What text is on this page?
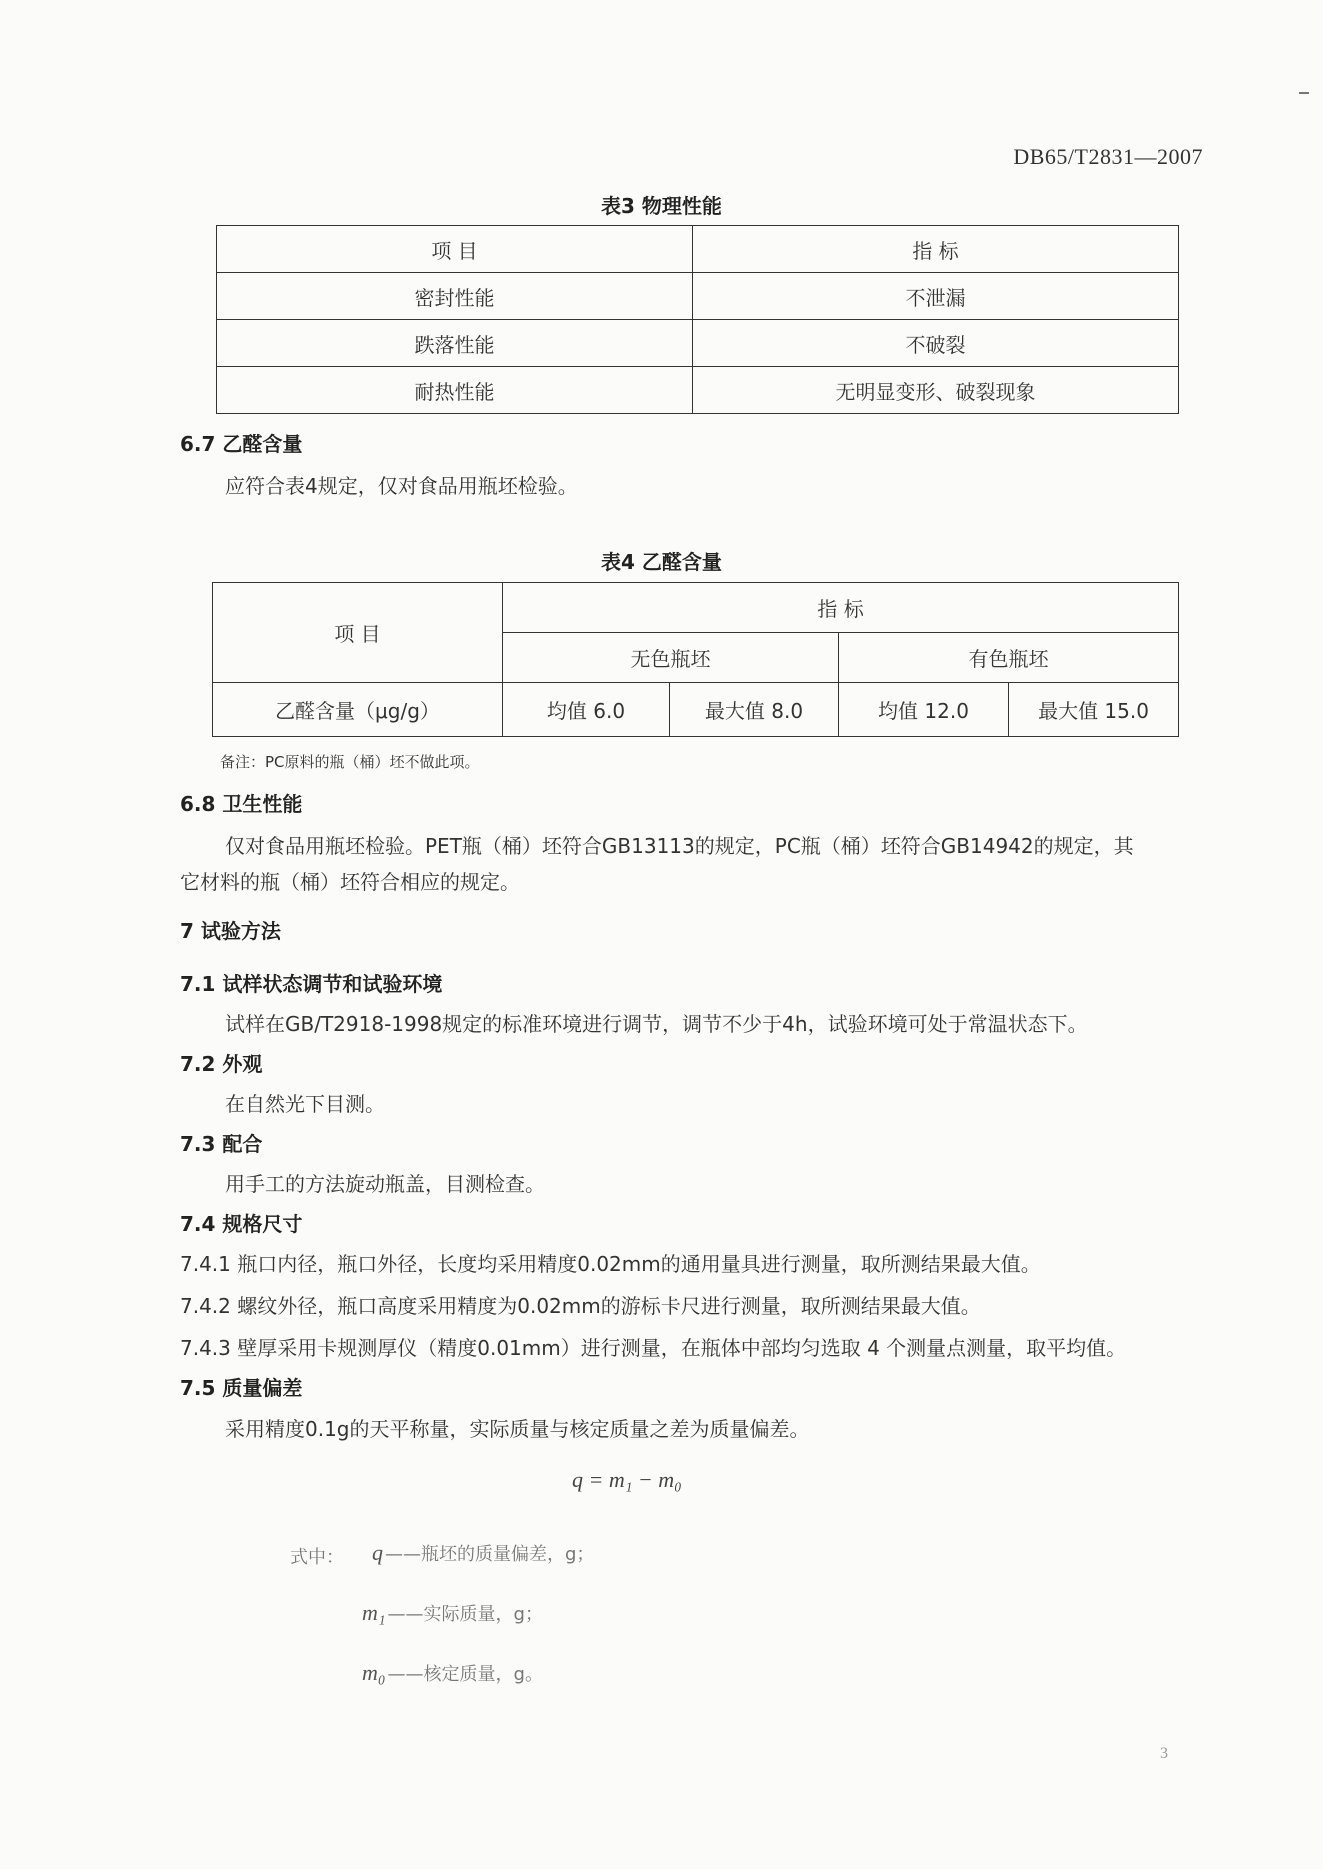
DB65/T2831—2007
表3 物理性能
项 目	指 标
密封性能	不泄漏
跌落性能	不破裂
耐热性能	无明显变形、破裂现象
6.7 乙醛含量
应符合表4规定，仅对食品用瓶坯检验。
表4 乙醛含量
项 目	指 标			
	无色瓶坯		有色瓶坯	
乙醛含量（μg/g）	均值 6.0	最大值 8.0	均值 12.0	最大值 15.0
备注：PC原料的瓶（桶）坯不做此项。
6.8 卫生性能
仅对食品用瓶坯检验。PET瓶（桶）坯符合GB13113的规定，PC瓶（桶）坯符合GB14942的规定，其
它材料的瓶（桶）坯符合相应的规定。
7 试验方法
7.1 试样状态调节和试验环境
试样在GB/T2918-1998规定的标准环境进行调节，调节不少于4h，试验环境可处于常温状态下。
7.2 外观
在自然光下目测。
7.3 配合
用手工的方法旋动瓶盖，目测检查。
7.4 规格尺寸
7.4.1 瓶口内径，瓶口外径，长度均采用精度0.02mm的通用量具进行测量，取所测结果最大值。
7.4.2 螺纹外径，瓶口高度采用精度为0.02mm的游标卡尺进行测量，取所测结果最大值。
7.4.3 壁厚采用卡规测厚仪（精度0.01mm）进行测量，在瓶体中部均匀选取 4 个测量点测量，取平均值。
7.5 质量偏差
采用精度0.1g的天平称量，实际质量与核定质量之差为质量偏差。
q = m₁ − m₀
式中： q ——瓶坯的质量偏差，g；
m₁ ——实际质量，g；
m₀ ——核定质量，g。
3
